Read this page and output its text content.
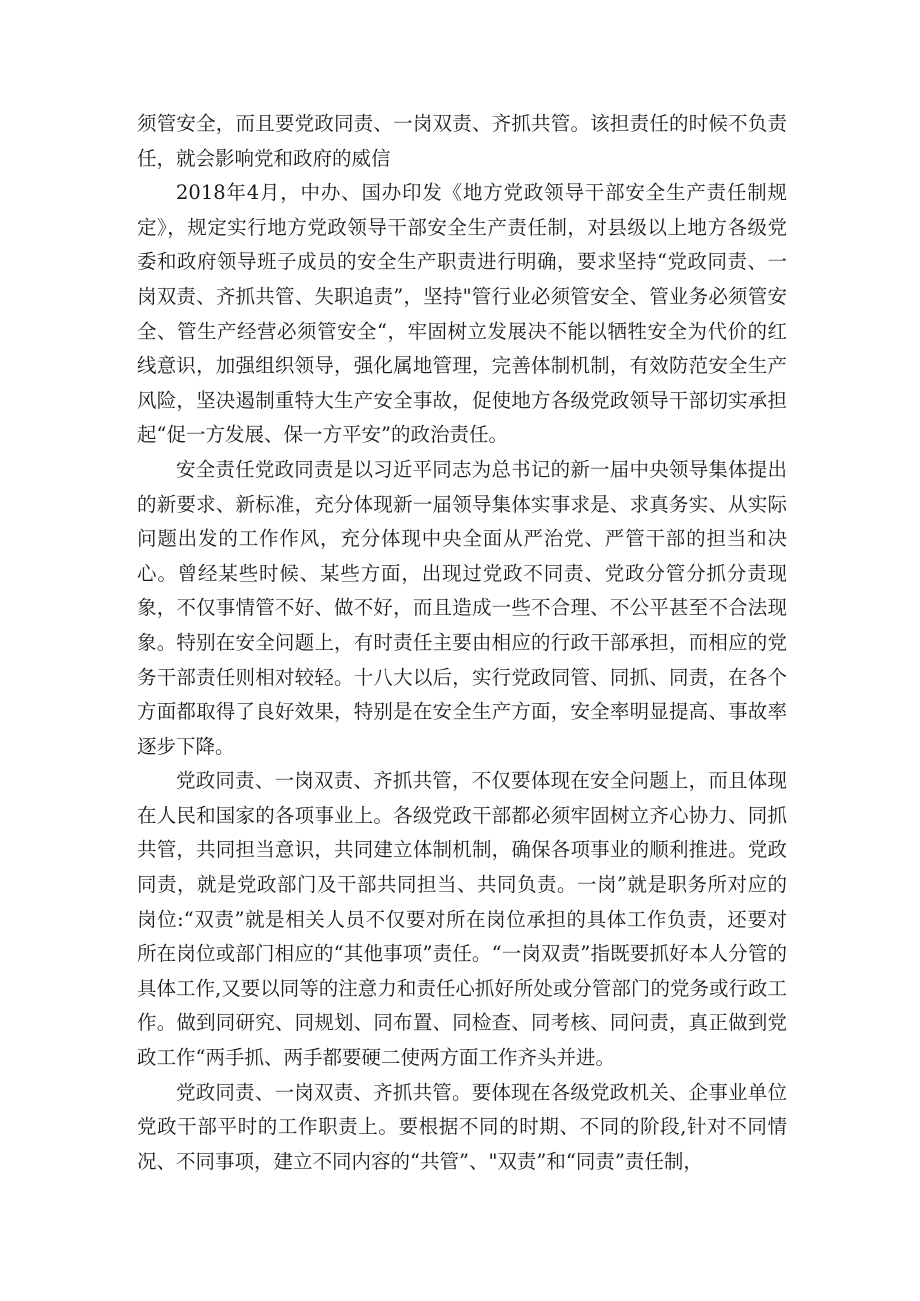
须管安全，而且要党政同责、一岗双责、齐抓共管。该担责任的时候不负责任，就会影响党和政府的威信

2018年4月，中办、国办印发《地方党政领导干部安全生产责任制规定》，规定实行地方党政领导干部安全生产责任制，对县级以上地方各级党委和政府领导班子成员的安全生产职责进行明确，要求坚持“党政同责、一岗双责、齐抓共管、失职追责”，坚持"管行业必须管安全、管业务必须管安全、管生产经营必须管安全“，牢固树立发展决不能以牺牲安全为代价的红线意识，加强组织领导，强化属地管理，完善体制机制，有效防范安全生产风险，坚决遏制重特大生产安全事故，促使地方各级党政领导干部切实承担起“促一方发展、保一方平安”的政治责任。

安全责任党政同责是以习近平同志为总书记的新一届中央领导集体提出的新要求、新标准，充分体现新一届领导集体实事求是、求真务实、从实际问题出发的工作作风，充分体现中央全面从严治党、严管干部的担当和决心。曾经某些时候、某些方面，出现过党政不同责、党政分管分抓分责现象，不仅事情管不好、做不好，而且造成一些不合理、不公平甚至不合法现象。特别在安全问题上，有时责任主要由相应的行政干部承担，而相应的党务干部责任则相对较轻。十八大以后，实行党政同管、同抓、同责，在各个方面都取得了良好效果，特别是在安全生产方面，安全率明显提高、事故率逐步下降。

党政同责、一岗双责、齐抓共管，不仅要体现在安全问题上，而且体现在人民和国家的各项事业上。各级党政干部都必须牢固树立齐心协力、同抓共管，共同担当意识，共同建立体制机制，确保各项事业的顺利推进。党政同责，就是党政部门及干部共同担当、共同负责。一岗”就是职务所对应的岗位:“双责”就是相关人员不仅要对所在岗位承担的具体工作负责，还要对所在岗位或部门相应的“其他事项”责任。“一岗双责”指既要抓好本人分管的具体工作,又要以同等的注意力和责任心抓好所处或分管部门的党务或行政工作。做到同研究、同规划、同布置、同检查、同考核、同问责，真正做到党政工作“两手抓、两手都要硬二使两方面工作齐头并进。

党政同责、一岗双责、齐抓共管。要体现在各级党政机关、企事业单位党政干部平时的工作职责上。要根据不同的时期、不同的阶段,针对不同情况、不同事项，建立不同内容的“共管”、"双责”和“同责”责任制，
